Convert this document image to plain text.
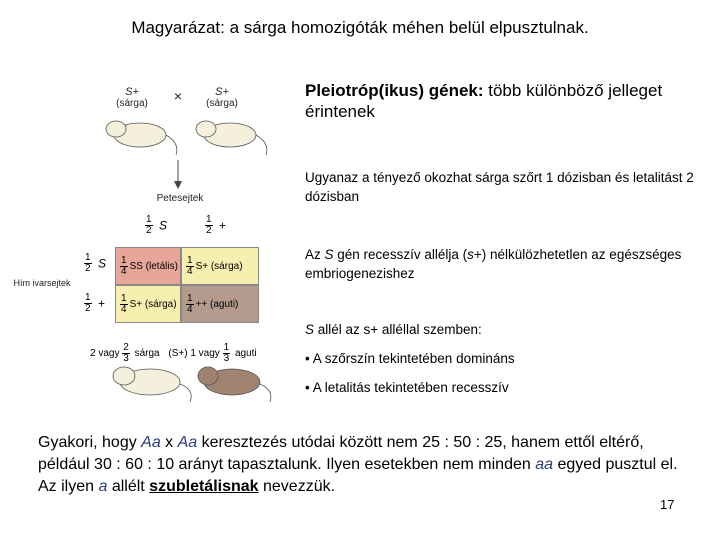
Magyarázat: a sárga homozigóták méhen belül elpusztulnak.
S+
(sárga)	×	S+
(sárga)
Petesejtek
$\frac{1}{2}$ S	$\frac{1}{2}$ +
Hím ivarsejtek
$\frac{1}{2}$ S
$\frac{1}{2}$ +
$\frac{1}{4}$ SS (letális) $\frac{1}{4} S+$ (sárga)
$\frac{1}{4} S+$ (sárga) $\frac{1}{4}$ ++ (aguti)
2 vagy $\frac{2}{3}$ sárga (S+) 1 vagy $\frac{1}{3}$ aguti
Pleiotróp(ikus) gének: több különböző jelleget érintenek
Ugyanaz a tényező okozhat sárga szőrt 1 dózisban és letalitást 2 dózisban
Az S gén recesszív allélja (s+) nélkülözhetetlen az egészséges embriogenezishez
S allél az s+ alléllal szemben:
• A szőrszín tekintetében domináns
• A letalitás tekintetében recesszív
Gyakori, hogy Aa x Aa keresztezés utódai között nem 25 : 50 : 25, hanem ettől eltérő, például 30 : 60 : 10 arányt tapasztalunk. Ilyen esetekben nem minden aa egyed pusztul el. Az ilyen a allélt szubletálisnak nevezzük.
17
